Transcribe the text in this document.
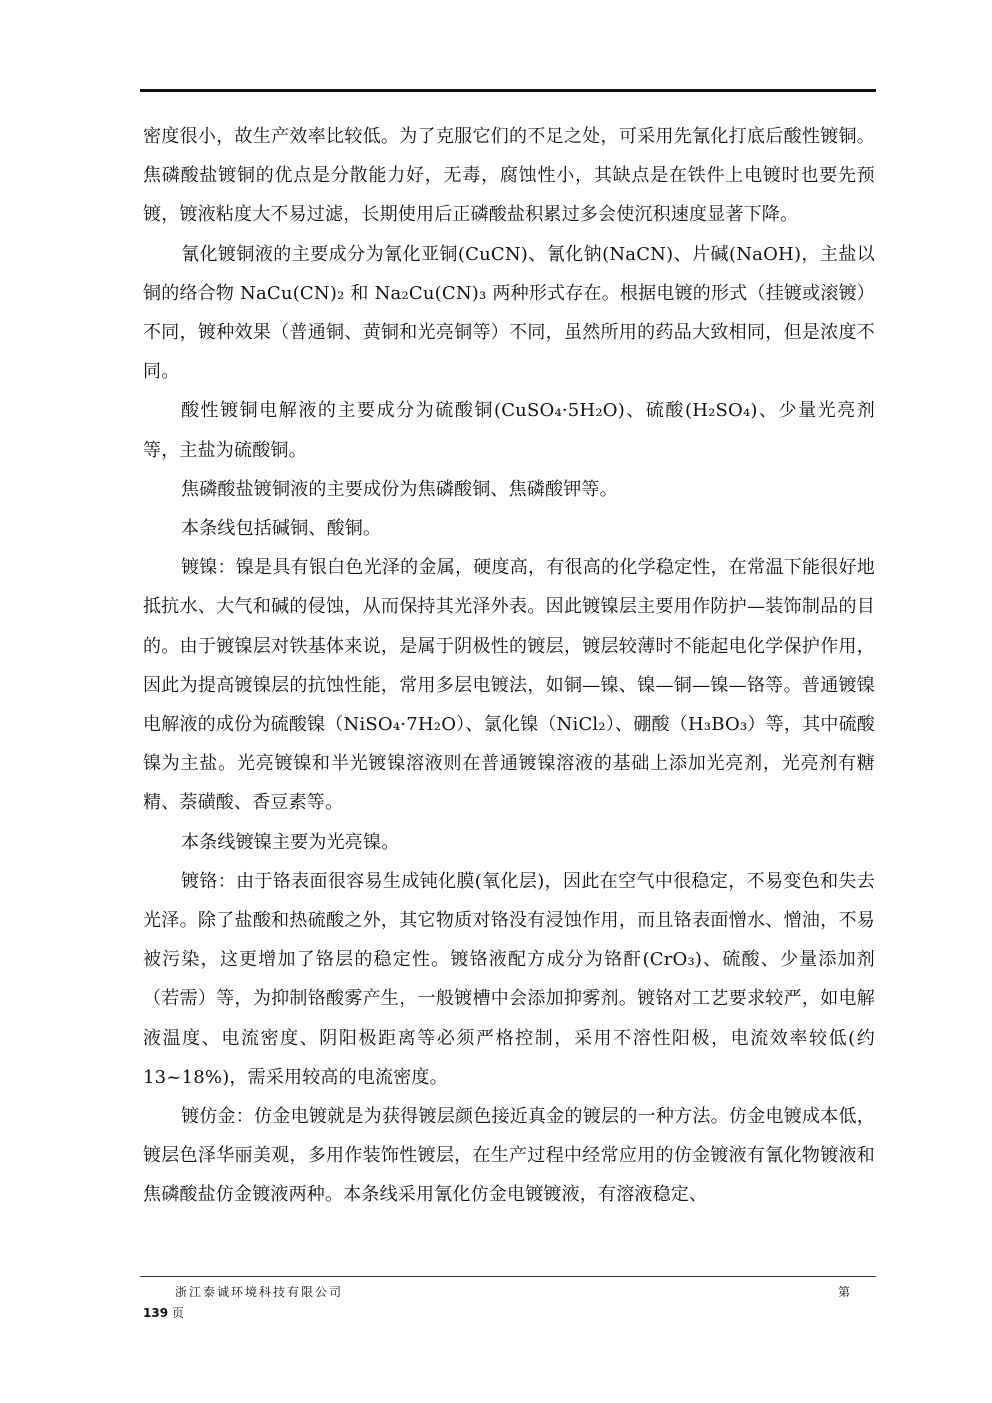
密度很小，故生产效率比较低。为了克服它们的不足之处，可采用先氰化打底后酸性镀铜。焦磷酸盐镀铜的优点是分散能力好，无毒，腐蚀性小，其缺点是在铁件上电镀时也要先预镀，镀液粘度大不易过滤，长期使用后正磷酸盐积累过多会使沉积速度显著下降。

氰化镀铜液的主要成分为氰化亚铜(CuCN)、氰化钠(NaCN)、片碱(NaOH)，主盐以铜的络合物 NaCu(CN)₂ 和 Na₂Cu(CN)₃ 两种形式存在。根据电镀的形式（挂镀或滚镀）不同，镀种效果（普通铜、黄铜和光亮铜等）不同，虽然所用的药品大致相同，但是浓度不同。

酸性镀铜电解液的主要成分为硫酸铜(CuSO₄·5H₂O)、硫酸(H₂SO₄)、少量光亮剂等，主盐为硫酸铜。

焦磷酸盐镀铜液的主要成份为焦磷酸铜、焦磷酸钾等。

本条线包括碱铜、酸铜。

镀镍：镍是具有银白色光泽的金属，硬度高，有很高的化学稳定性，在常温下能很好地抵抗水、大气和碱的侵蚀，从而保持其光泽外表。因此镀镍层主要用作防护—装饰制品的目的。由于镀镍层对铁基体来说，是属于阴极性的镀层，镀层较薄时不能起电化学保护作用，因此为提高镀镍层的抗蚀性能，常用多层电镀法，如铜—镍、镍—铜—镍—铬等。普通镀镍电解液的成份为硫酸镍（NiSO₄·7H₂O）、氯化镍（NiCl₂）、硼酸（H₃BO₃）等，其中硫酸镍为主盐。光亮镀镍和半光镀镍溶液则在普通镀镍溶液的基础上添加光亮剂，光亮剂有糖精、萘磺酸、香豆素等。

本条线镀镍主要为光亮镍。

镀铬：由于铬表面很容易生成钝化膜(氧化层)，因此在空气中很稳定，不易变色和失去光泽。除了盐酸和热硫酸之外，其它物质对铬没有浸蚀作用，而且铬表面憎水、憎油，不易被污染，这更增加了铬层的稳定性。镀铬液配方成分为铬酐(CrO₃)、硫酸、少量添加剂（若需）等，为抑制铬酸雾产生，一般镀槽中会添加抑雾剂。镀铬对工艺要求较严，如电解液温度、电流密度、阴阳极距离等必须严格控制，采用不溶性阳极，电流效率较低(约 13~18%)，需采用较高的电流密度。

镀仿金：仿金电镀就是为获得镀层颜色接近真金的镀层的一种方法。仿金电镀成本低，镀层色泽华丽美观，多用作装饰性镀层，在生产过程中经常应用的仿金镀液有氰化物镀液和焦磷酸盐仿金镀液两种。本条线采用氰化仿金电镀镀液，有溶液稳定、

浙江泰诚环境科技有限公司	第
139 页
